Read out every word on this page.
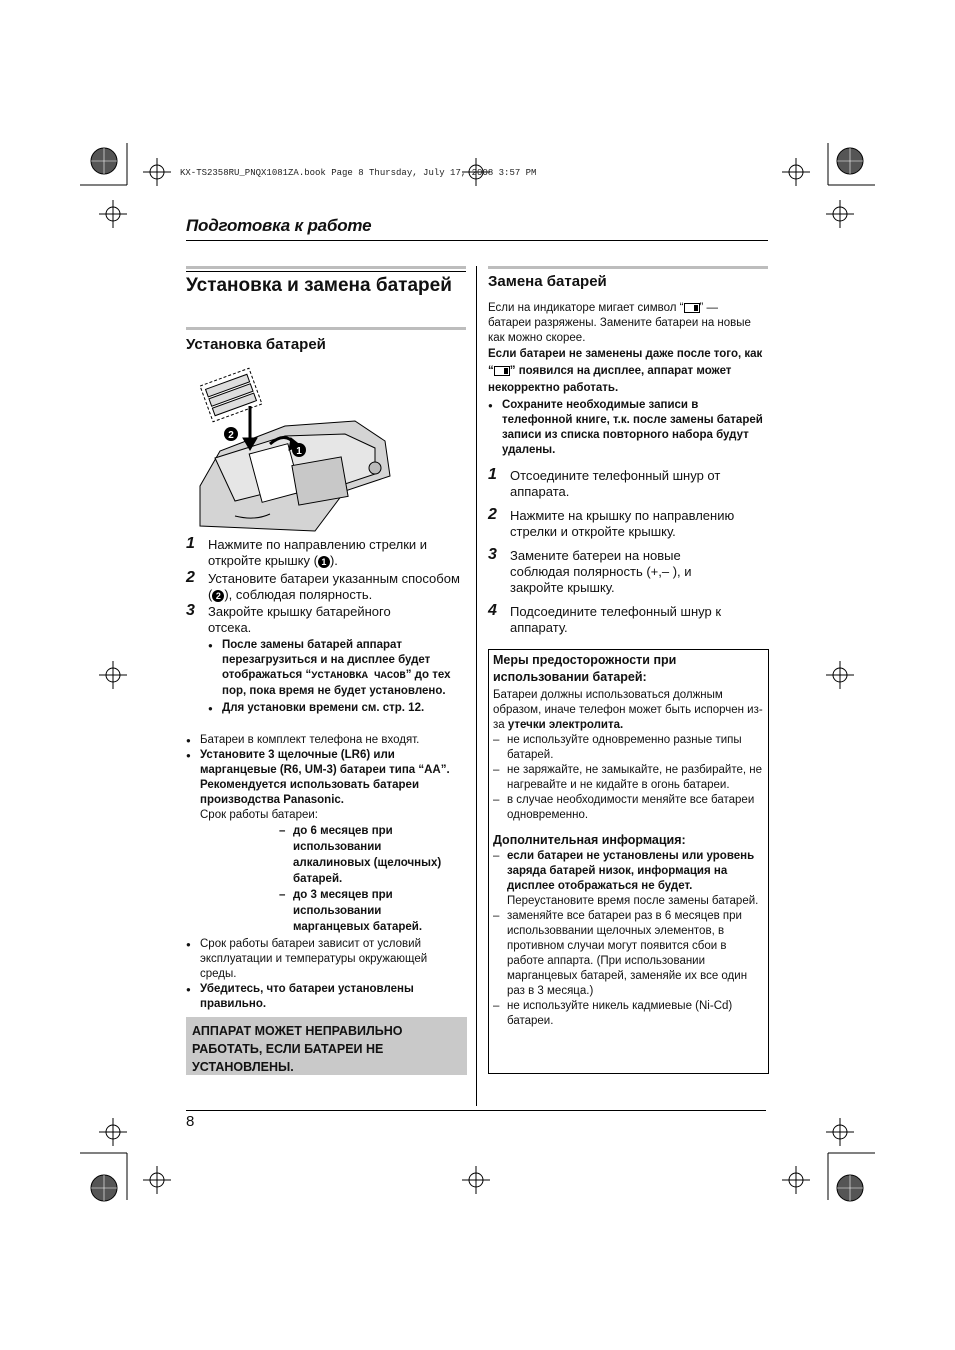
KX-TS2358RU_PNQX1081ZA.book Page 8 Thursday, July 17, 2008 3:57 PM
Подготовка к работе
Установка и замена батарей
Установка батарей
1
2
1 Нажмите по направлению стрелки и откройте крышку ( 1 ).
2 Установите батареи указанным способом ( 2 ), соблюдая полярность.
3 Закройте крышку батарейного отсека.
● После замены батарей аппарат перезагрузиться и на дисплее будет отображаться “УСТАНОВКА ЧАСОВ” до тех пор, пока время не будет установлено.
● Для установки времени см. стр. 12.
● Батареи в комплект телефона не входят.
● Установите 3 щелочные (LR6) или марганцевые (R6, UM-3) батареи типа “AA”. Рекомендуется использовать батареи производства Panasonic.
Срок работы батареи:
– до 6 месяцев при использовании алкалиновых (щелочных) батарей.
– до 3 месяцев при использовании марганцевых батарей.
● Срок работы батареи зависит от условий эксплуатации и температуры окружающей среды.
● Убедитесь, что батареи установлены правильно.
АППАРАТ МОЖЕТ НЕПРАВИЛЬНО РАБОТАТЬ, ЕСЛИ БАТАРЕИ НЕ УСТАНОВЛЕНЫ.
Замена батарей
Если на индикаторе мигает символ “ ” — батареи разряжены. Замените батареи на новые как можно скорее.
Если батареи не заменены даже после того, как “ ” появился на дисплее, аппарат может некорректно работать.
● Сохраните необходимые записи в телефонной книге, т.к. после замены батарей записи из списка повторного набора будут удалены.
1 Отсоедините телефонный шнур от аппарата.
2 Нажмите на крышку по направлению стрелки и откройте крышку.
3 Замените батереи на новые соблюдая полярность (+,– ), и закройте крышку.
4 Подсоедините телефонный шнур к аппарату.
Меры предосторожности при использовании батарей:
Батареи должны использоваться должным образом, иначе телефон может быть испорчен из-за утечки электролита.
– не используйте одновременно разные типы батарей.
– не заряжайте, не замыкайте, не разбирайте, не нагревайте и не кидайте в огонь батареи.
– в случае необходимости меняйте все батареи одновременно.
Дополнительная информация:
– если батареи не установлены или уровень заряда батарей низок, информация на дисплее отображаться не будет. Переустановите время после замены батарей.
– заменяйте все батареи раз в 6 месяцев при использоввании щелочных элементов, в противном случаи могут появится сбои в работе аппарта. (При использовании марганцевых батарей, заменяйе их все один раз в 3 месяца.)
– не используйте никель кадмиевые (Ni-Cd) батареи.
8
